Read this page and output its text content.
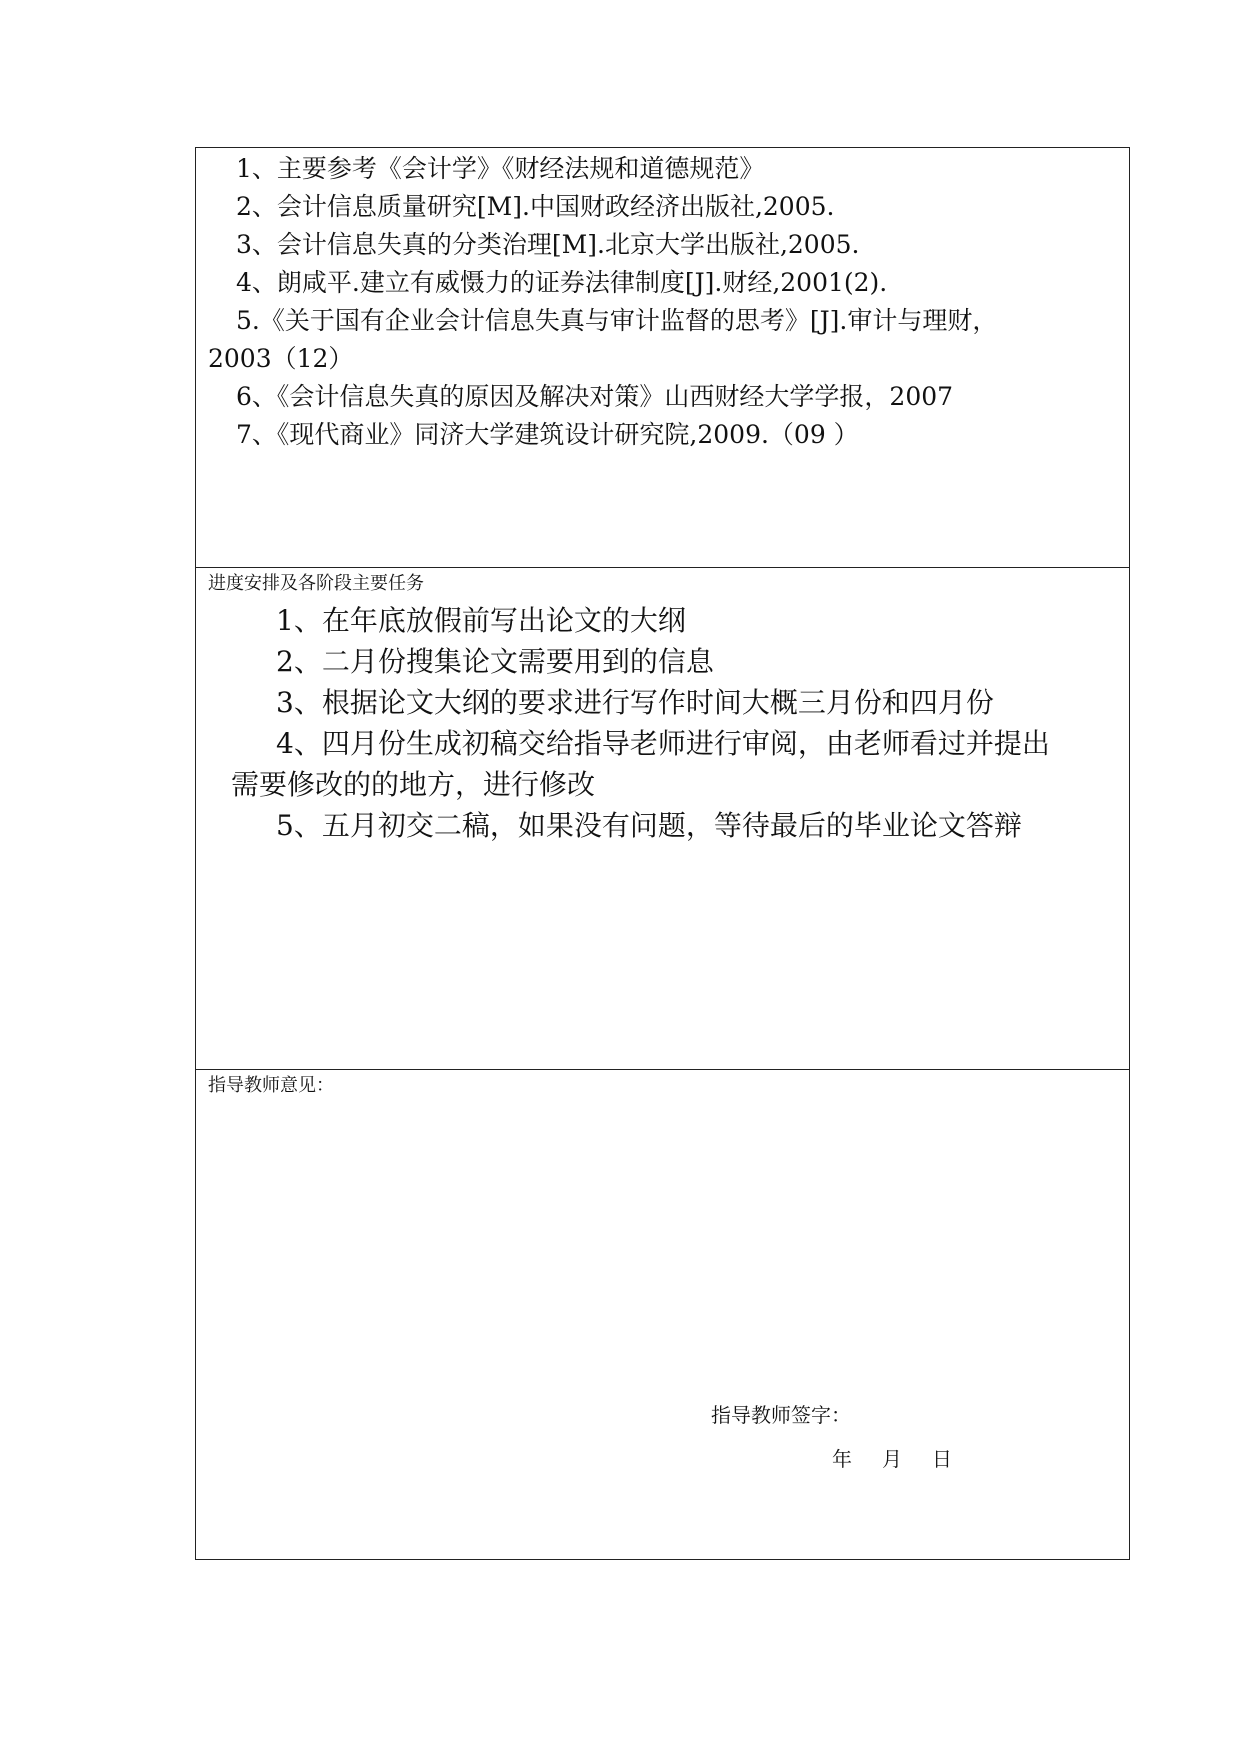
1、主要参考《会计学》《财经法规和道德规范》
2、会计信息质量研究[M].中国财政经济出版社,2005.
3、会计信息失真的分类治理[M].北京大学出版社,2005.
4、朗咸平.建立有威慑力的证券法律制度[J].财经,2001(2).
5.《关于国有企业会计信息失真与审计监督的思考》[J].审计与理财，
2003（12）
6、《会计信息失真的原因及解决对策》山西财经大学学报，2007
7、《现代商业》同济大学建筑设计研究院,2009.（09 ）
进度安排及各阶段主要任务
1、在年底放假前写出论文的大纲
2、二月份搜集论文需要用到的信息
3、根据论文大纲的要求进行写作时间大概三月份和四月份
4、四月份生成初稿交给指导老师进行审阅，由老师看过并提出
需要修改的的地方，进行修改
5、五月初交二稿，如果没有问题，等待最后的毕业论文答辩
指导教师意见：
指导教师签字：
年 月 日
